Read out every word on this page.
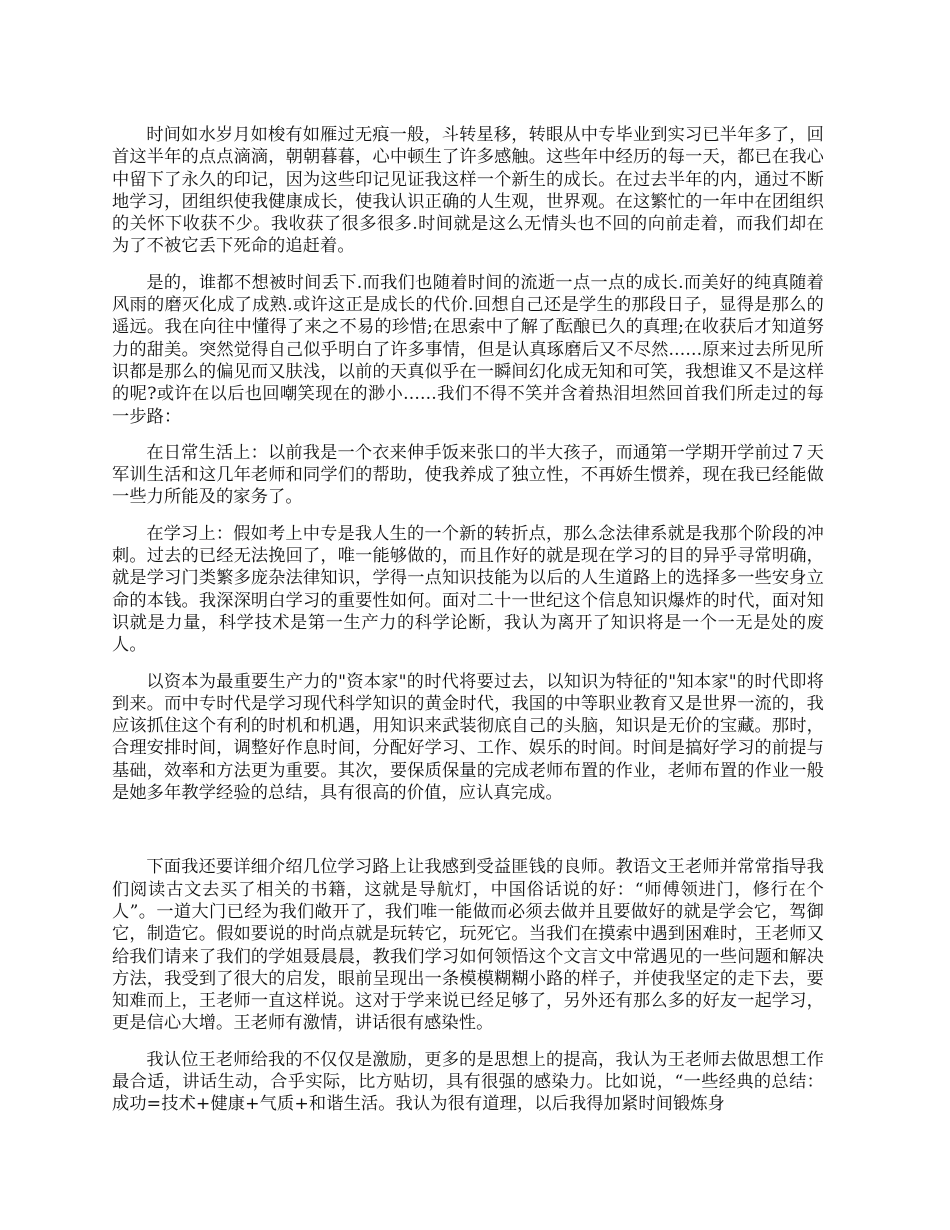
时间如水岁月如梭有如雁过无痕一般，斗转星移，转眼从中专毕业到实习已半年多了，回首这半年的点点滴滴，朝朝暮暮，心中顿生了许多感触。这些年中经历的每一天，都已在我心中留下了永久的印记，因为这些印记见证我这样一个新生的成长。在过去半年的内，通过不断地学习，团组织使我健康成长，使我认识正确的人生观，世界观。在这繁忙的一年中在团组织的关怀下收获不少。我收获了很多很多.时间就是这么无情头也不回的向前走着，而我们却在为了不被它丢下死命的追赶着。

是的，谁都不想被时间丢下.而我们也随着时间的流逝一点一点的成长.而美好的纯真随着风雨的磨灭化成了成熟.或许这正是成长的代价.回想自己还是学生的那段日子，显得是那么的遥远。我在向往中懂得了来之不易的珍惜;在思索中了解了酝酿已久的真理;在收获后才知道努力的甜美。突然觉得自己似乎明白了许多事情，但是认真琢磨后又不尽然......原来过去所见所识都是那么的偏见而又肤浅，以前的天真似乎在一瞬间幻化成无知和可笑，我想谁又不是这样的呢?或许在以后也回嘲笑现在的渺小......我们不得不笑并含着热泪坦然回首我们所走过的每一步路：

在日常生活上：以前我是一个衣来伸手饭来张口的半大孩子，而通第一学期开学前过７天军训生活和这几年老师和同学们的帮助，使我养成了独立性，不再娇生惯养，现在我已经能做一些力所能及的家务了。

在学习上：假如考上中专是我人生的一个新的转折点，那么念法律系就是我那个阶段的冲刺。过去的已经无法挽回了，唯一能够做的，而且作好的就是现在学习的目的异乎寻常明确，就是学习门类繁多庞杂法律知识，学得一点知识技能为以后的人生道路上的选择多一些安身立命的本钱。我深深明白学习的重要性如何。面对二十一世纪这个信息知识爆炸的时代，面对知识就是力量，科学技术是第一生产力的科学论断，我认为离开了知识将是一个一无是处的废人。

以资本为最重要生产力的"资本家"的时代将要过去，以知识为特征的"知本家"的时代即将到来。而中专时代是学习现代科学知识的黄金时代，我国的中等职业教育又是世界一流的，我应该抓住这个有利的时机和机遇，用知识来武装彻底自己的头脑，知识是无价的宝藏。那时，合理安排时间，调整好作息时间，分配好学习、工作、娱乐的时间。时间是搞好学习的前提与基础，效率和方法更为重要。其次，要保质保量的完成老师布置的作业，老师布置的作业一般是她多年教学经验的总结，具有很高的价值，应认真完成。

下面我还要详细介绍几位学习路上让我感到受益匪钱的良师。教语文王老师并常常指导我们阅读古文去买了相关的书籍，这就是导航灯，中国俗话说的好：“师傅领进门，修行在个人”。一道大门已经为我们敞开了，我们唯一能做而必须去做并且要做好的就是学会它，驾御它，制造它。假如要说的时尚点就是玩转它，玩死它。当我们在摸索中遇到困难时，王老师又给我们请来了我们的学姐聂晨晨，教我们学习如何领悟这个文言文中常遇见的一些问题和解决方法，我受到了很大的启发，眼前呈现出一条模模糊糊小路的样子，并使我坚定的走下去，要知难而上，王老师一直这样说。这对于学来说已经足够了，另外还有那么多的好友一起学习，更是信心大增。王老师有激情，讲话很有感染性。

我认位王老师给我的不仅仅是激励，更多的是思想上的提高，我认为王老师去做思想工作最合适，讲话生动，合乎实际，比方贴切，具有很强的感染力。比如说，“一些经典的总结：成功=技术+健康+气质+和谐生活。我认为很有道理，以后我得加紧时间锻炼身
